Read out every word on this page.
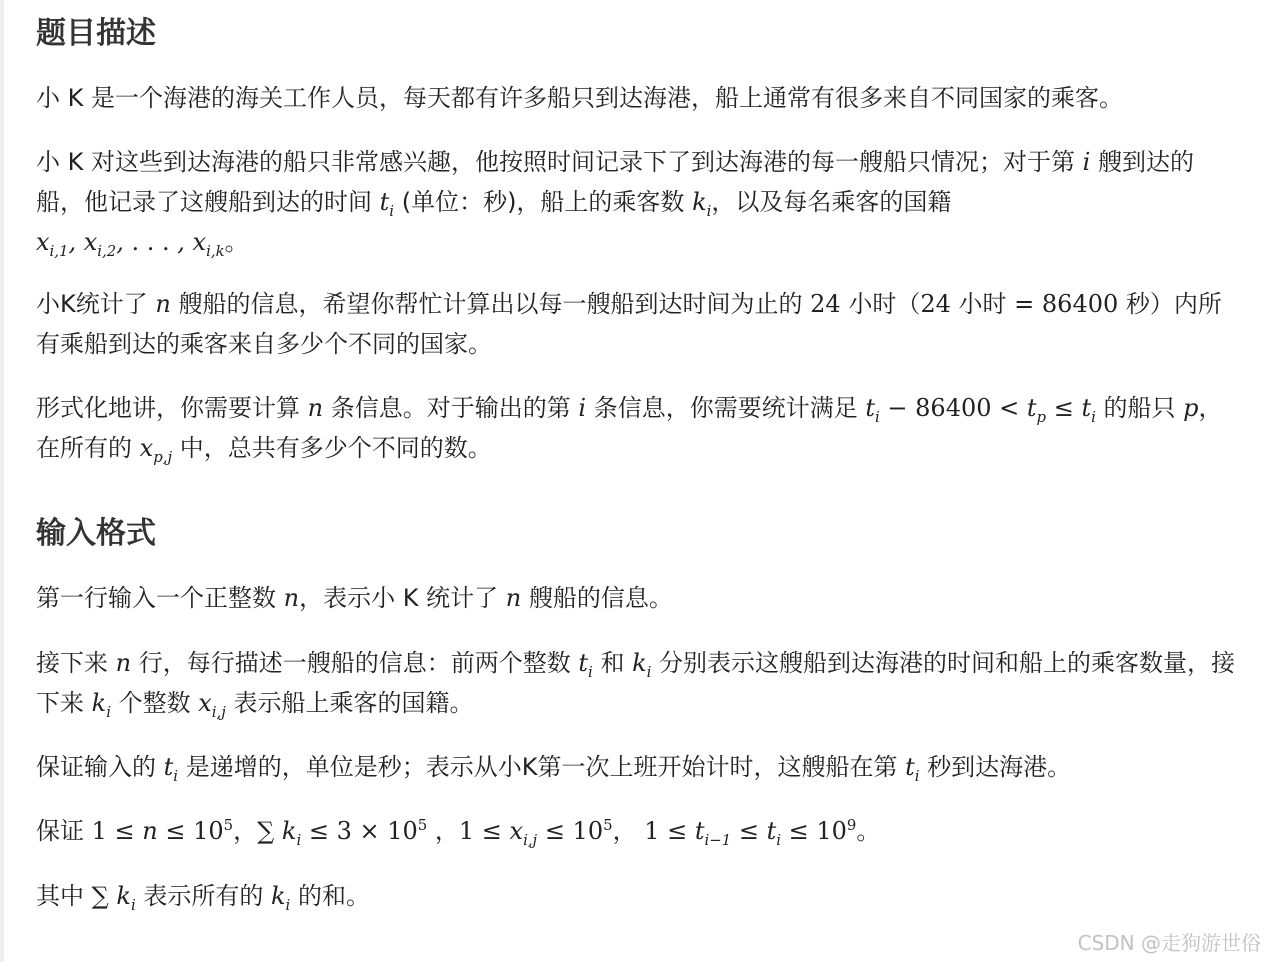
题目描述

小 K 是一个海港的海关工作人员，每天都有许多船只到达海港，船上通常有很多来自不同国家的乘客。

小 K 对这些到达海港的船只非常感兴趣，他按照时间记录下了到达海港的每一艘船只情况；对于第 i 艘到达的船，他记录了这艘船到达的时间 $t_i$ (单位：秒)，船上的乘客数 $k_i$，以及每名乘客的国籍
$x_{i,1}$, $x_{i,2}$, . . . , $x_{i,k}$。

小K统计了 n 艘船的信息，希望你帮忙计算出以每一艘船到达时间为止的 24 小时（24 小时 = 86400 秒）内所有乘船到达的乘客来自多少个不同的国家。

形式化地讲，你需要计算 n 条信息。对于输出的第 i 条信息，你需要统计满足 $t_i - 86400 < t_p \le t_i$ 的船只 p，在所有的 $x_{p,j}$ 中，总共有多少个不同的数。

输入格式

第一行输入一个正整数 n，表示小 K 统计了 n 艘船的信息。

接下来 n 行，每行描述一艘船的信息：前两个整数 $t_i$ 和 $k_i$ 分别表示这艘船到达海港的时间和船上的乘客数量，接下来 $k_i$ 个整数 $x_{i,j}$ 表示船上乘客的国籍。

保证输入的 $t_i$ 是递增的，单位是秒；表示从小K第一次上班开始计时，这艘船在第 $t_i$ 秒到达海港。

保证 $1 \le n \le 10^5$，∑ $k_i \le 3 \times 10^5$ ，$1 \le x_{i,j} \le 10^5$， $1 \le t_{i-1} \le t_i \le 10^9$。

其中 ∑ $k_i$ 表示所有的 $k_i$ 的和。

CSDN @走狗游世俗
